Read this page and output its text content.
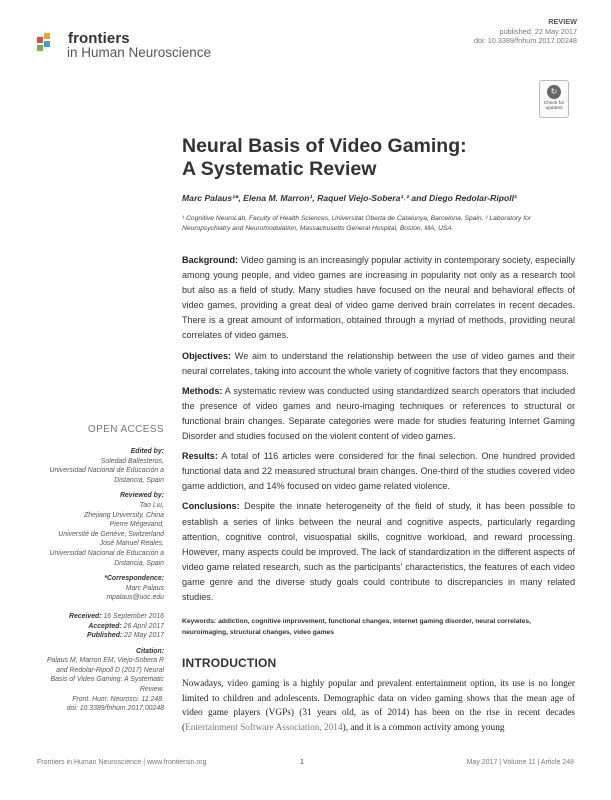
frontiers
in Human Neuroscience
REVIEW
published: 22 May 2017
doi: 10.3389/fnhum.2017.00248
↻
Check for
updates
Neural Basis of Video Gaming:
A Systematic Review
Marc Palaus¹*, Elena M. Marron¹, Raquel Viejo-Sobera¹˒² and Diego Redolar-Ripoll¹
¹ Cognitive NeuroLab, Faculty of Health Sciences, Universitat Oberta de Catalunya, Barcelona, Spain, ² Laboratory for Neuropsychiatry and Neuromodulation, Massachusetts General Hospital, Boston, MA, USA

Background: Video gaming is an increasingly popular activity in contemporary society, especially among young people, and video games are increasing in popularity not only as a research tool but also as a field of study. Many studies have focused on the neural and behavioral effects of video games, providing a great deal of video game derived brain correlates in recent decades. There is a great amount of information, obtained through a myriad of methods, providing neural correlates of video games.

Objectives: We aim to understand the relationship between the use of video games and their neural correlates, taking into account the whole variety of cognitive factors that they encompass.

Methods: A systematic review was conducted using standardized search operators that included the presence of video games and neuro-imaging techniques or references to structural or functional brain changes. Separate categories were made for studies featuring Internet Gaming Disorder and studies focused on the violent content of video games.

Results: A total of 116 articles were considered for the final selection. One hundred provided functional data and 22 measured structural brain changes. One-third of the studies covered video game addiction, and 14% focused on video game related violence.

Conclusions: Despite the innate heterogeneity of the field of study, it has been possible to establish a series of links between the neural and cognitive aspects, particularly regarding attention, cognitive control, visuospatial skills, cognitive workload, and reward processing. However, many aspects could be improved. The lack of standardization in the different aspects of video game related research, such as the participants' characteristics, the features of each video game genre and the diverse study goals could contribute to discrepancies in many related studies.

Keywords: addiction, cognitive improvement, functional changes, internet gaming disorder, neural correlates, neuroimaging, structural changes, video games
INTRODUCTION
Nowadays, video gaming is a highly popular and prevalent entertainment option, its use is no longer limited to children and adolescents. Demographic data on video gaming shows that the mean age of video game players (VGPs) (31 years old, as of 2014) has been on the rise in recent decades (Entertainment Software Association, 2014), and it is a common activity among young
OPEN ACCESS
Edited by:
Soledad Ballesteros,
Universidad Nacional de Educación a
Distancia, Spain
Reviewed by:
Tao Liu,
Zhejiang University, China
Pierre Mégevand,
Université de Genève, Switzerland
José Manuel Reales,
Universidad Nacional de Educación a
Distancia, Spain
*Correspondence:
Marc Palaus
mpalaus@uoc.edu
Received: 16 September 2016
Accepted: 26 April 2017
Published: 22 May 2017
Citation:
Palaus M, Marron EM, Viejo-Sobera R
and Redolar-Ripoll D (2017) Neural
Basis of Video Gaming: A Systematic
Review.
Front. Hum. Neurosci. 11:248.
doi: 10.3389/fnhum.2017.00248
Frontiers in Human Neuroscience | www.frontiersin.org	1	May 2017 | Volume 11 | Article 248
